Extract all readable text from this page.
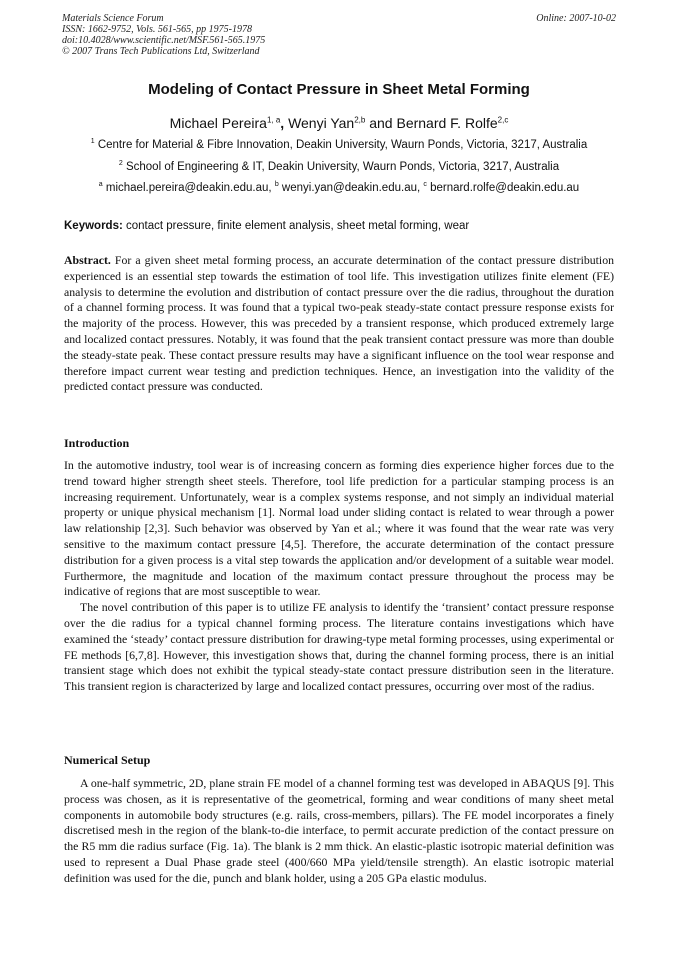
Materials Science Forum
ISSN: 1662-9752, Vols. 561-565, pp 1975-1978
doi:10.4028/www.scientific.net/MSF.561-565.1975
© 2007 Trans Tech Publications Ltd, Switzerland
Online: 2007-10-02
Modeling of Contact Pressure in Sheet Metal Forming
Michael Pereira$^{1, a}$, Wenyi Yan$^{2,b}$ and Bernard F. Rolfe$^{2,c}$
$^1$ Centre for Material & Fibre Innovation, Deakin University, Waurn Ponds, Victoria, 3217, Australia
$^2$ School of Engineering & IT, Deakin University, Waurn Ponds, Victoria, 3217, Australia
$^a$ michael.pereira@deakin.edu.au, $^b$ wenyi.yan@deakin.edu.au, $^c$ bernard.rolfe@deakin.edu.au
Keywords: contact pressure, finite element analysis, sheet metal forming, wear

Abstract. For a given sheet metal forming process, an accurate determination of the contact pressure distribution experienced is an essential step towards the estimation of tool life. This investigation utilizes finite element (FE) analysis to determine the evolution and distribution of contact pressure over the die radius, throughout the duration of a channel forming process. It was found that a typical two-peak steady-state contact pressure response exists for the majority of the process. However, this was preceded by a transient response, which produced extremely large and localized contact pressures. Notably, it was found that the peak transient contact pressure was more than double the steady-state peak. These contact pressure results may have a significant influence on the tool wear response and therefore impact current wear testing and prediction techniques. Hence, an investigation into the validity of the predicted contact pressure was conducted.

Introduction

In the automotive industry, tool wear is of increasing concern as forming dies experience higher forces due to the trend toward higher strength sheet steels. Therefore, tool life prediction for a particular stamping process is an increasing requirement. Unfortunately, wear is a complex systems response, and not simply an individual material property or unique physical mechanism [1]. Normal load under sliding contact is related to wear through a power law relationship [2,3]. Such behavior was observed by Yan et al.; where it was found that the wear rate was very sensitive to the maximum contact pressure [4,5]. Therefore, the accurate determination of the contact pressure distribution for a given process is a vital step towards the application and/or development of a suitable wear model. Furthermore, the magnitude and location of the maximum contact pressure throughout the process may be indicative of regions that are most susceptible to wear.

The novel contribution of this paper is to utilize FE analysis to identify the ‘transient’ contact pressure response over the die radius for a typical channel forming process. The literature contains investigations which have examined the ‘steady’ contact pressure distribution for drawing-type metal forming processes, using experimental or FE methods [6,7,8]. However, this investigation shows that, during the channel forming process, there is an initial transient stage which does not exhibit the typical steady-state contact pressure distribution seen in the literature. This transient region is characterized by large and localized contact pressures, occurring over most of the radius.

Numerical Setup

A one-half symmetric, 2D, plane strain FE model of a channel forming test was developed in ABAQUS [9]. This process was chosen, as it is representative of the geometrical, forming and wear conditions of many sheet metal components in automobile body structures (e.g. rails, cross-members, pillars). The FE model incorporates a finely discretised mesh in the region of the blank-to-die interface, to permit accurate prediction of the contact pressure on the R5 mm die radius surface (Fig. 1a). The blank is 2 mm thick. An elastic-plastic isotropic material definition was used to represent a Dual Phase grade steel (400/660 MPa yield/tensile strength). An elastic isotropic material definition was used for the die, punch and blank holder, using a 205 GPa elastic modulus.
